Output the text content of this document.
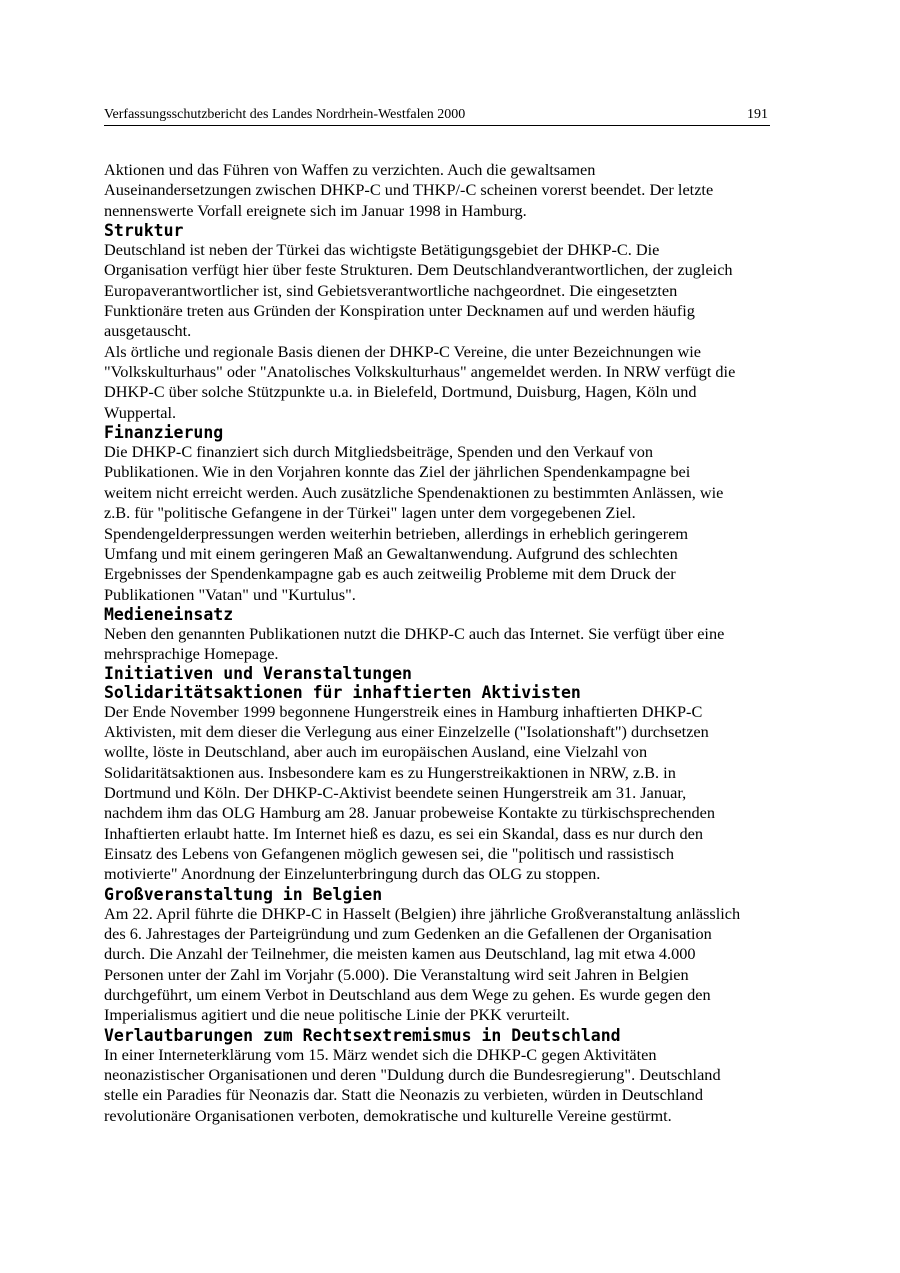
Verfassungsschutzbericht des Landes Nordrhein-Westfalen 2000	191

Aktionen und das Führen von Waffen zu verzichten. Auch die gewaltsamen
Auseinandersetzungen zwischen DHKP-C und THKP/-C scheinen vorerst beendet. Der letzte
nennenswerte Vorfall ereignete sich im Januar 1998 in Hamburg.

Struktur

Deutschland ist neben der Türkei das wichtigste Betätigungsgebiet der DHKP-C. Die
Organisation verfügt hier über feste Strukturen. Dem Deutschlandverantwortlichen, der zugleich
Europaverantwortlicher ist, sind Gebietsverantwortliche nachgeordnet. Die eingesetzten
Funktionäre treten aus Gründen der Konspiration unter Decknamen auf und werden häufig
ausgetauscht.

Als örtliche und regionale Basis dienen der DHKP-C Vereine, die unter Bezeichnungen wie
"Volkskulturhaus" oder "Anatolisches Volkskulturhaus" angemeldet werden. In NRW verfügt die
DHKP-C über solche Stützpunkte u.a. in Bielefeld, Dortmund, Duisburg, Hagen, Köln und
Wuppertal.

Finanzierung

Die DHKP-C finanziert sich durch Mitgliedsbeiträge, Spenden und den Verkauf von
Publikationen. Wie in den Vorjahren konnte das Ziel der jährlichen Spendenkampagne bei
weitem nicht erreicht werden. Auch zusätzliche Spendenaktionen zu bestimmten Anlässen, wie
z.B. für "politische Gefangene in der Türkei" lagen unter dem vorgegebenen Ziel.
Spendengelderpressungen werden weiterhin betrieben, allerdings in erheblich geringerem
Umfang und mit einem geringeren Maß an Gewaltanwendung. Aufgrund des schlechten
Ergebnisses der Spendenkampagne gab es auch zeitweilig Probleme mit dem Druck der
Publikationen "Vatan" und "Kurtulus".

Medieneinsatz

Neben den genannten Publikationen nutzt die DHKP-C auch das Internet. Sie verfügt über eine
mehrsprachige Homepage.

Initiativen und Veranstaltungen
Solidaritätsaktionen für inhaftierten Aktivisten

Der Ende November 1999 begonnene Hungerstreik eines in Hamburg inhaftierten DHKP-C
Aktivisten, mit dem dieser die Verlegung aus einer Einzelzelle ("Isolationshaft") durchsetzen
wollte, löste in Deutschland, aber auch im europäischen Ausland, eine Vielzahl von
Solidaritätsaktionen aus. Insbesondere kam es zu Hungerstreikaktionen in NRW, z.B. in
Dortmund und Köln. Der DHKP-C-Aktivist beendete seinen Hungerstreik am 31. Januar,
nachdem ihm das OLG Hamburg am 28. Januar probeweise Kontakte zu türkischsprechenden
Inhaftierten erlaubt hatte. Im Internet hieß es dazu, es sei ein Skandal, dass es nur durch den
Einsatz des Lebens von Gefangenen möglich gewesen sei, die "politisch und rassistisch
motivierte" Anordnung der Einzelunterbringung durch das OLG zu stoppen.

Großveranstaltung in Belgien

Am 22. April führte die DHKP-C in Hasselt (Belgien) ihre jährliche Großveranstaltung anlässlich
des 6. Jahrestages der Parteigründung und zum Gedenken an die Gefallenen der Organisation
durch. Die Anzahl der Teilnehmer, die meisten kamen aus Deutschland, lag mit etwa 4.000
Personen unter der Zahl im Vorjahr (5.000). Die Veranstaltung wird seit Jahren in Belgien
durchgeführt, um einem Verbot in Deutschland aus dem Wege zu gehen. Es wurde gegen den
Imperialismus agitiert und die neue politische Linie der PKK verurteilt.

Verlautbarungen zum Rechtsextremismus in Deutschland

In einer Interneterklärung vom 15. März wendet sich die DHKP-C gegen Aktivitäten
neonazistischer Organisationen und deren "Duldung durch die Bundesregierung". Deutschland
stelle ein Paradies für Neonazis dar. Statt die Neonazis zu verbieten, würden in Deutschland
revolutionäre Organisationen verboten, demokratische und kulturelle Vereine gestürmt.
